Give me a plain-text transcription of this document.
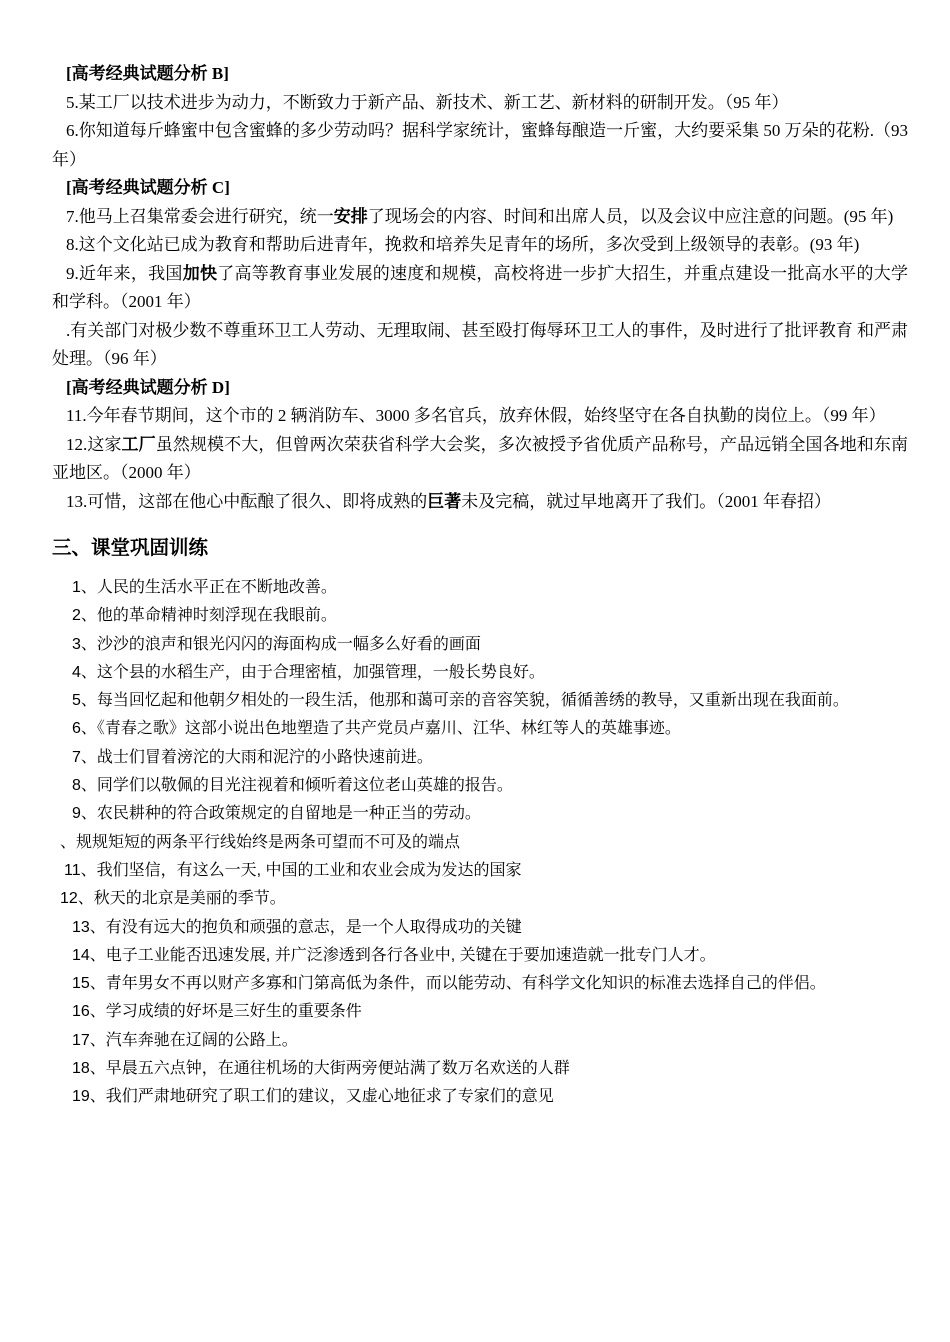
[高考经典试题分析 B]
5.某工厂以技术进步为动力，不断致力于新产品、新技术、新工艺、新材料的研制开发。（95 年）
6.你知道每斤蜂蜜中包含蜜蜂的多少劳动吗？据科学家统计，蜜蜂每酿造一斤蜜，大约要采集 50 万朵的花粉.（93 年）
[高考经典试题分析 C]
7.他马上召集常委会进行研究，统一安排了现场会的内容、时间和出席人员，以及会议中应注意的问题。(95 年)
8.这个文化站已成为教育和帮助后进青年，挽救和培养失足青年的场所，多次受到上级领导的表彰。(93 年)
9.近年来，我国加快了高等教育事业发展的速度和规模，高校将进一步扩大招生，并重点建设一批高水平的大学和学科。（2001 年）
.有关部门对极少数不尊重环卫工人劳动、无理取闹、甚至殴打侮辱环卫工人的事件，及时进行了批评教育 和严肃处理。（96 年）
[高考经典试题分析 D]
11.今年春节期间，这个市的 2 辆消防车、3000 多名官兵，放弃休假，始终坚守在各自执勤的岗位上。（99 年）
12.这家工厂虽然规模不大，但曾两次荣获省科学大会奖，多次被授予省优质产品称号，产品远销全国各地和东南亚地区。（2000 年）
13.可惜，这部在他心中酝酿了很久、即将成熟的巨著未及完稿，就过早地离开了我们。（2001 年春招）
三、课堂巩固训练
1、人民的生活水平正在不断地改善。
2、他的革命精神时刻浮现在我眼前。
3、沙沙的浪声和银光闪闪的海面构成一幅多么好看的画面
4、这个县的水稻生产，由于合理密植，加强管理，一般长势良好。
5、每当回忆起和他朝夕相处的一段生活，他那和蔼可亲的音容笑貌，循循善绣的教导，又重新出现在我面前。
6、《青春之歌》这部小说出色地塑造了共产党员卢嘉川、江华、林红等人的英雄事迹。
7、战士们冒着滂沱的大雨和泥泞的小路快速前进。
8、同学们以敬佩的目光注视着和倾听着这位老山英雄的报告。
9、农民耕种的符合政策规定的自留地是一种正当的劳动。
、规规矩短的两条平行线始终是两条可望而不可及的端点
11、我们坚信，有这么一天, 中国的工业和农业会成为发达的国家
12、秋天的北京是美丽的季节。
13、有没有远大的抱负和顽强的意志，是一个人取得成功的关键
14、电子工业能否迅速发展, 并广泛渗透到各行各业中, 关键在于要加速造就一批专门人才。
15、青年男女不再以财产多寡和门第高低为条件，而以能劳动、有科学文化知识的标准去选择自己的伴侣。
16、学习成绩的好坏是三好生的重要条件
17、汽车奔驰在辽阔的公路上。
18、早晨五六点钟，在通往机场的大街两旁便站满了数万名欢送的人群
19、我们严肃地研究了职工们的建议，又虚心地征求了专家们的意见
